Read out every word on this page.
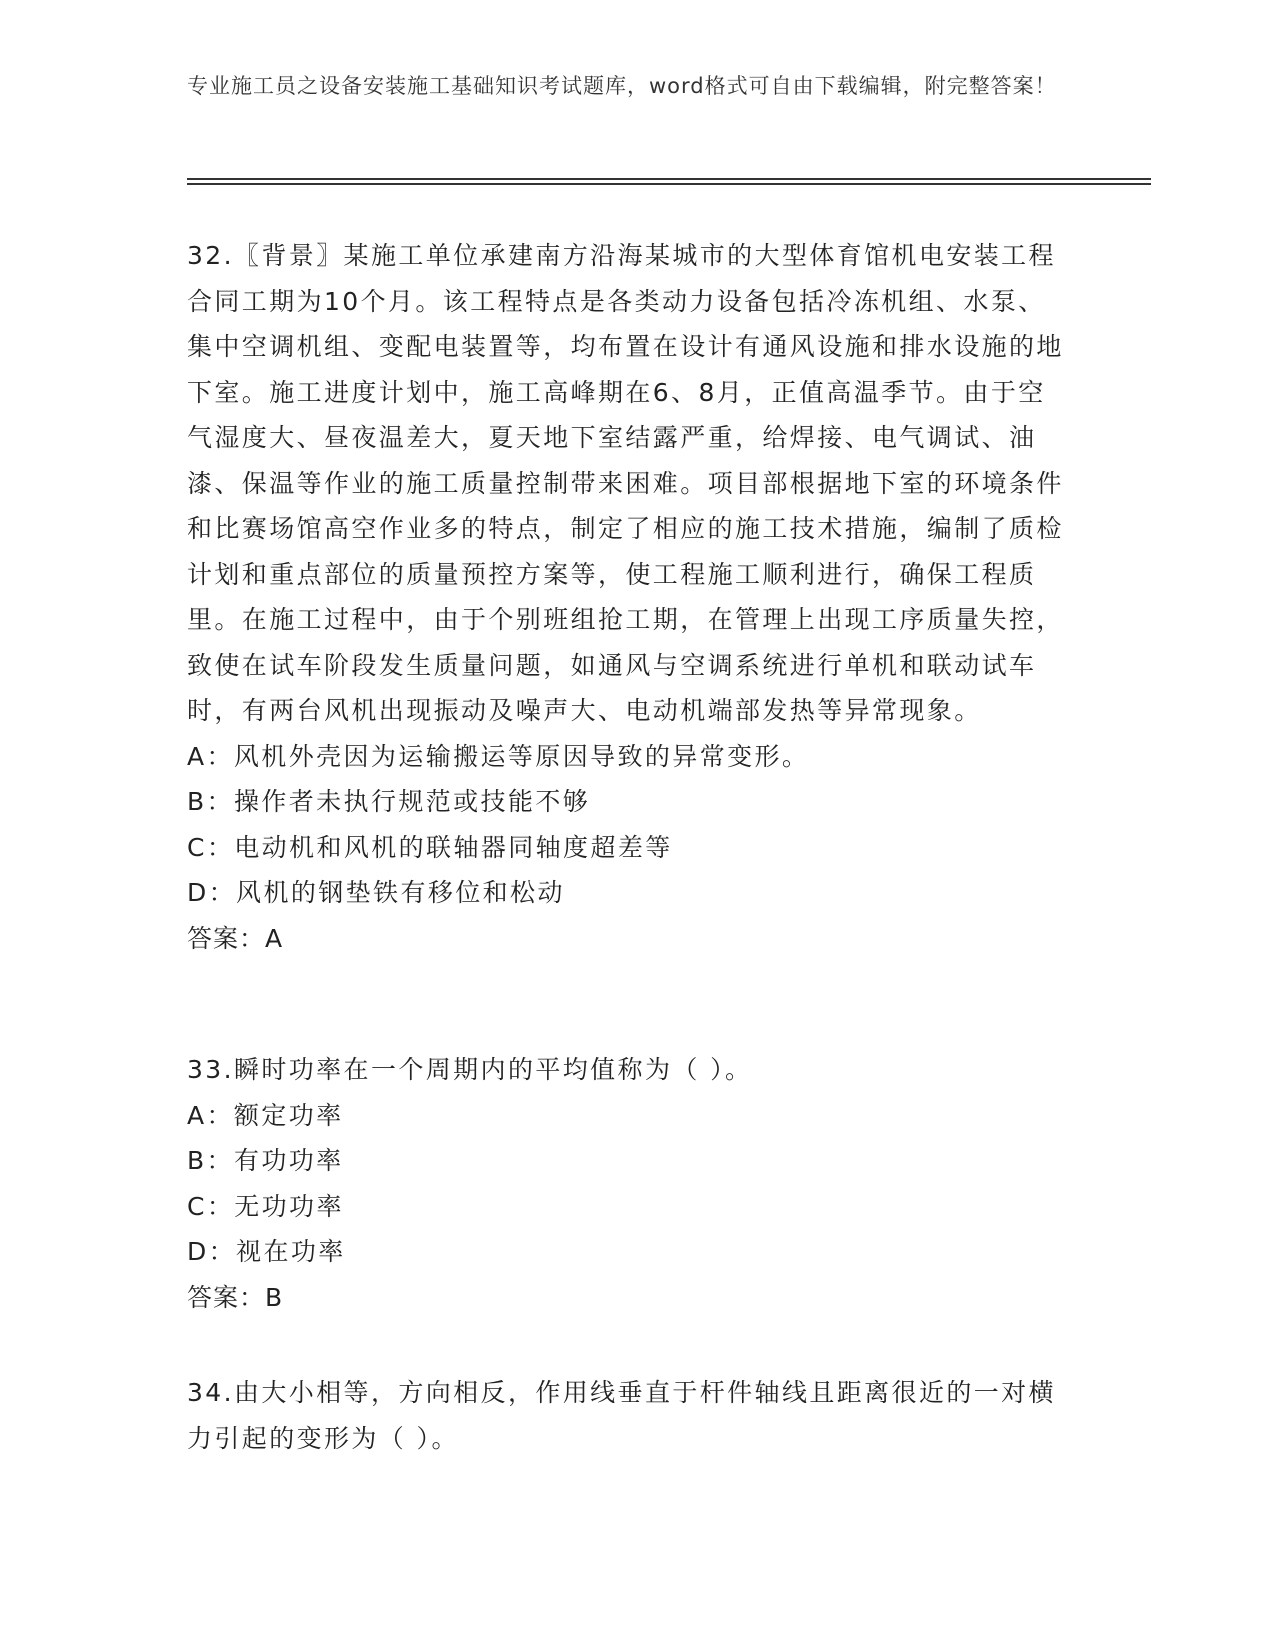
专业施工员之设备安装施工基础知识考试题库，word格式可自由下载编辑，附完整答案！

32.〖背景〗某施工单位承建南方沿海某城市的大型体育馆机电安装工程合同工期为10个月。该工程特点是各类动力设备包括冷冻机组、水泵、集中空调机组、变配电装置等，均布置在设计有通风设施和排水设施的地下室。施工进度计划中，施工高峰期在6、8月，正值高温季节。由于空气湿度大、昼夜温差大，夏天地下室结露严重，给焊接、电气调试、油漆、保温等作业的施工质量控制带来困难。项目部根据地下室的环境条件和比赛场馆高空作业多的特点，制定了相应的施工技术措施，编制了质检计划和重点部位的质量预控方案等，使工程施工顺利进行，确保工程质里。在施工过程中，由于个别班组抢工期，在管理上出现工序质量失控，致使在试车阶段发生质量问题，如通风与空调系统进行单机和联动试车时，有两台风机出现振动及噪声大、电动机端部发热等异常现象。

A：风机外壳因为运输搬运等原因导致的异常变形。
B：操作者未执行规范或技能不够
C：电动机和风机的联轴器同轴度超差等
D：风机的钢垫铁有移位和松动
答案：A

33.瞬时功率在一个周期内的平均值称为（ ）。

A：额定功率
B：有功功率
C：无功功率
D：视在功率
答案：B

34.由大小相等，方向相反，作用线垂直于杆件轴线且距离很近的一对横力引起的变形为（ ）。
